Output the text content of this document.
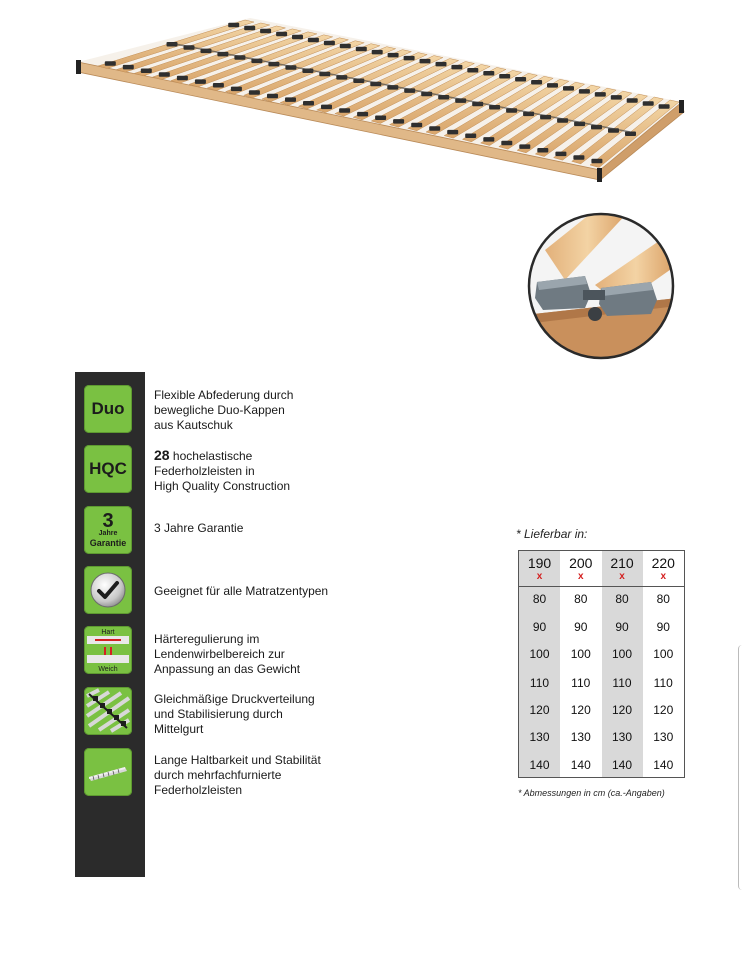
Duo
HQC
3
Jahre
Garantie
Hart
Weich
Flexible Abfederung durch
bewegliche Duo-Kappen
aus Kautschuk
28 hochelastische
Federholzleisten in
High Quality Construction
3 Jahre Garantie
Geeignet für alle Matratzentypen
Härteregulierung im
Lendenwirbelbereich zur
Anpassung an das Gewicht
Gleichmäßige Druckverteilung
und Stabilisierung durch
Mittelgurt
Lange Haltbarkeit und Stabilität
durch mehrfachfurnierte
Federholzleisten
* Lieferbar in:
190
x
80
90
100
110
120
130
140
200
x
80
90
100
110
120
130
140
210
x
80
90
100
110
120
130
140
220
x
80
90
100
110
120
130
140
* Abmessungen in cm (ca.-Angaben)
